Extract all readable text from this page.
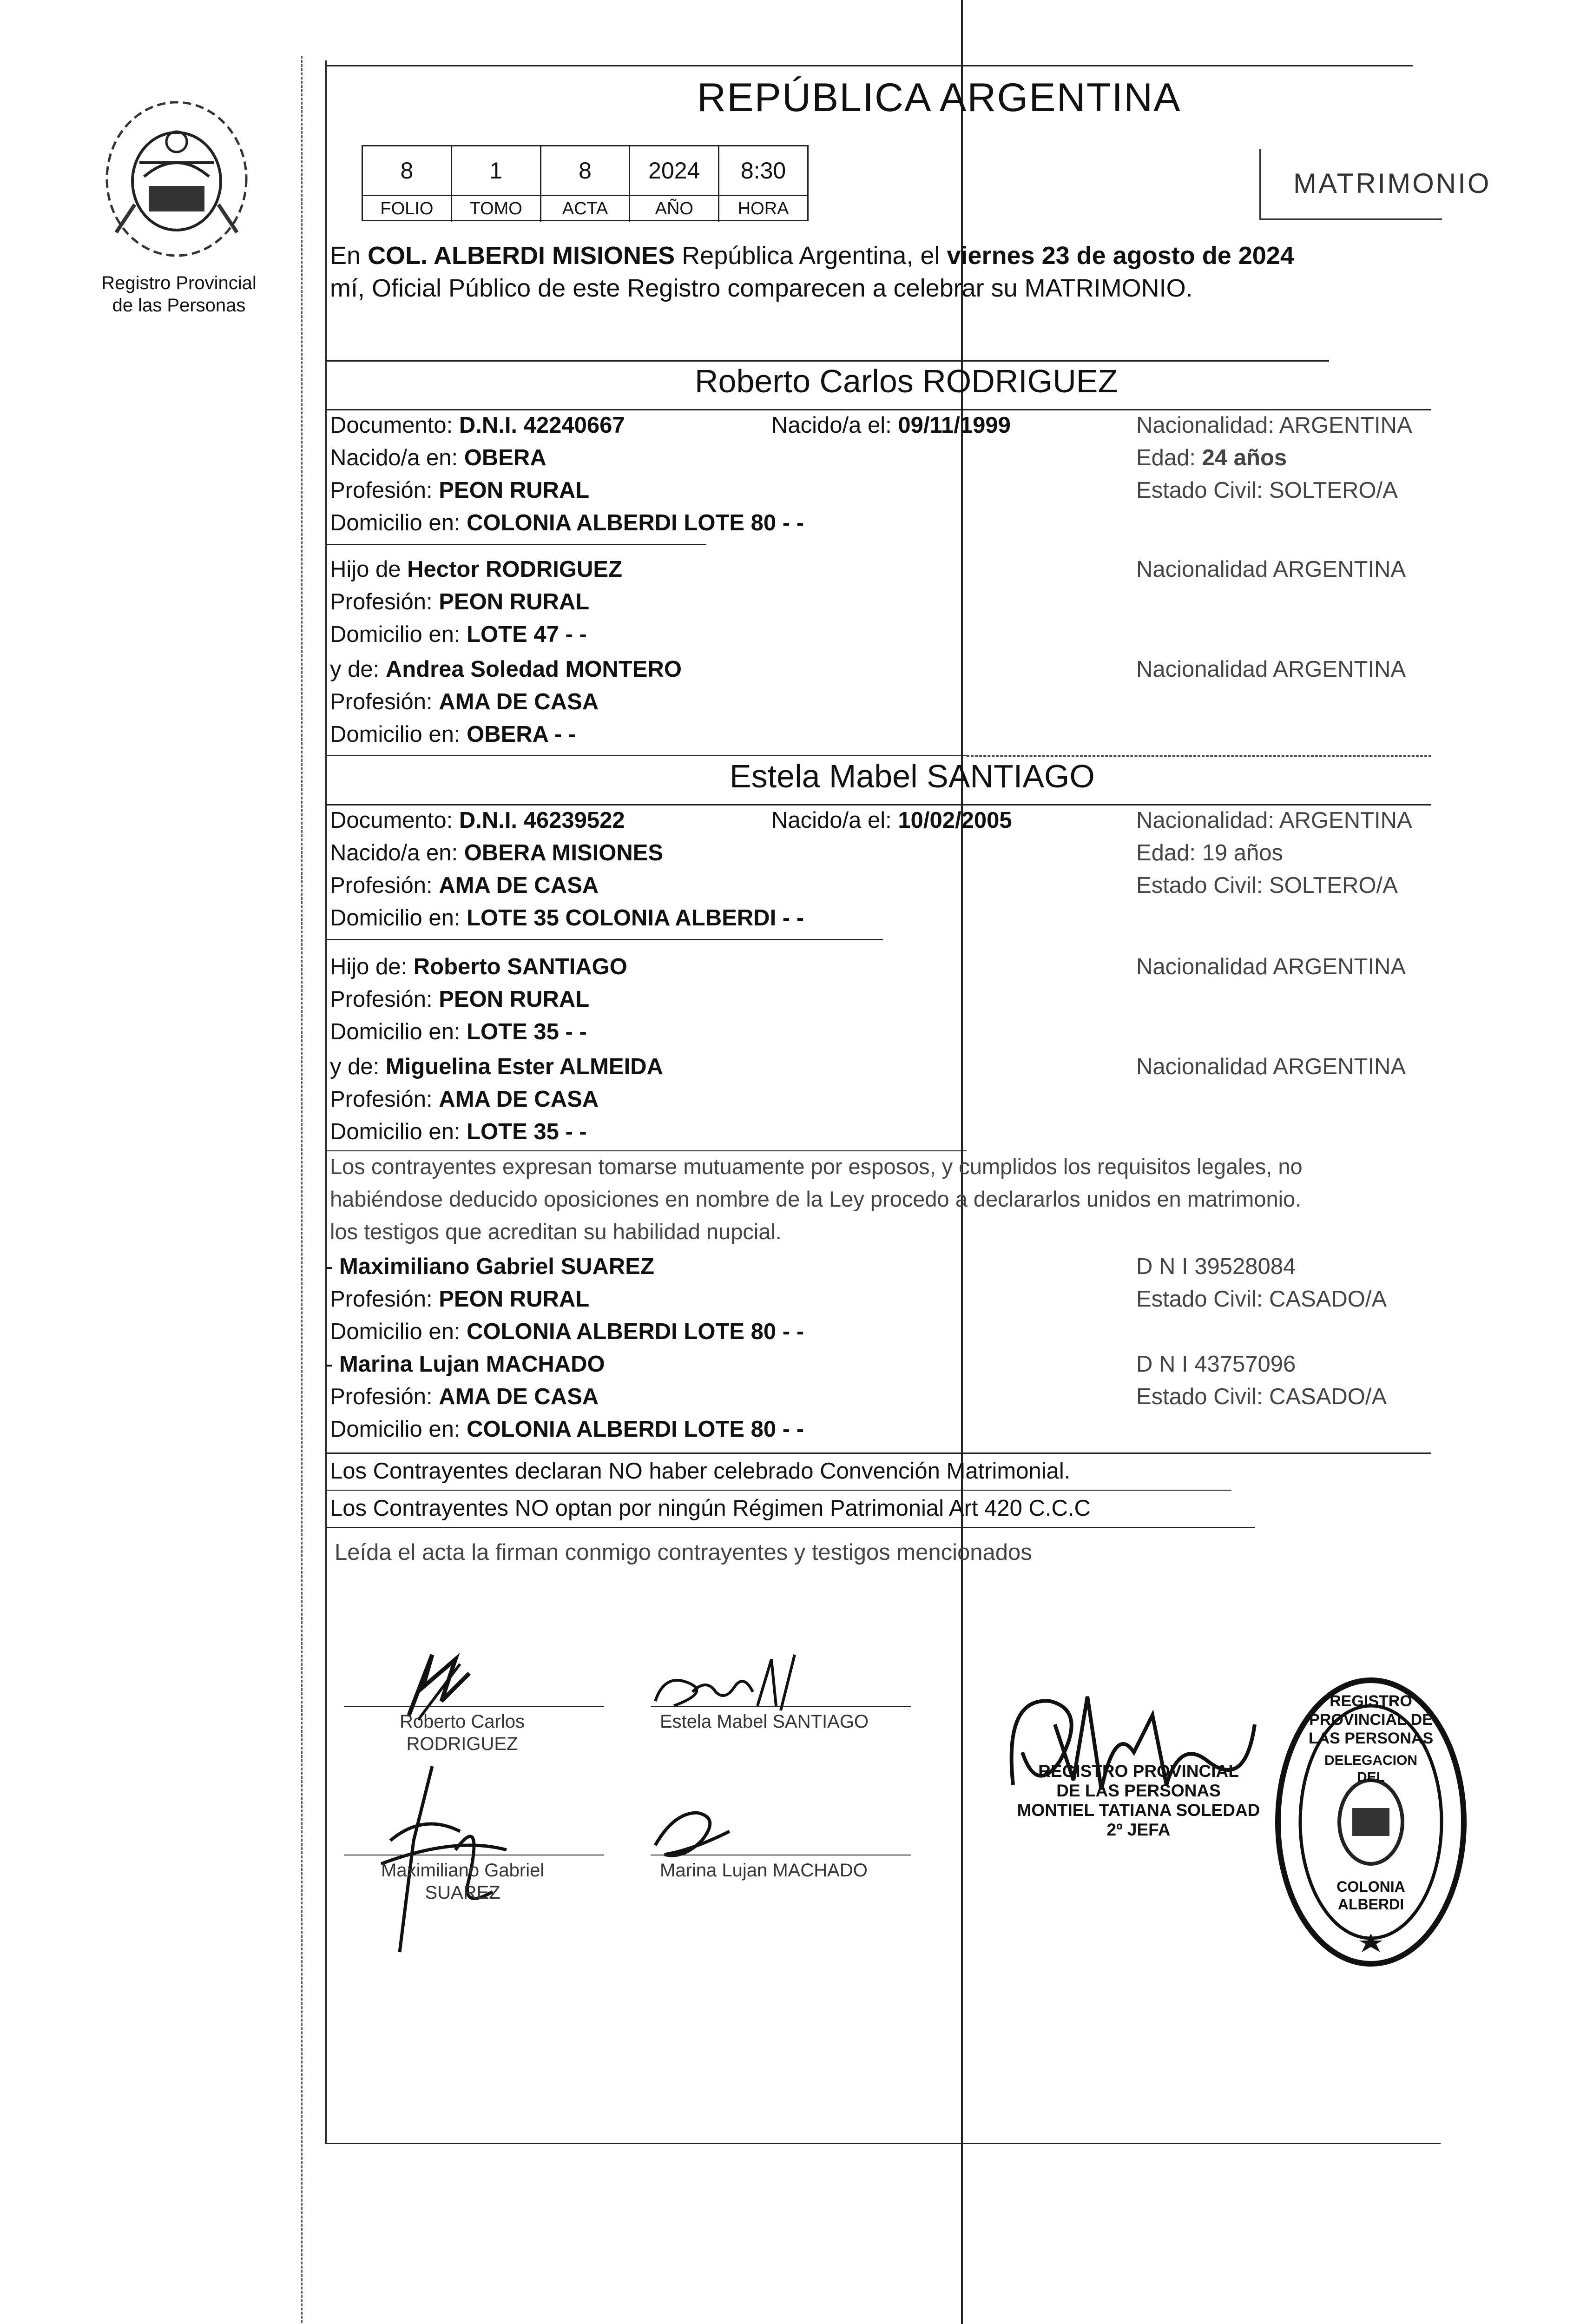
Registro Provincial
de las Personas
REPÚBLICA ARGENTINA
8	1	8	2024	8:30
FOLIO	TOMO	ACTA	AÑO	HORA
MATRIMONIO
En COL. ALBERDI MISIONES República Argentina, el viernes 23 de agosto de 2024
mí, Oficial Público de este Registro comparecen a celebrar su MATRIMONIO.
Roberto Carlos RODRIGUEZ
Documento: D.N.I. 42240667	Nacido/a el: 09/11/1999	Nacionalidad: ARGENTINA
Nacido/a en: OBERA	Edad: 24 años
Profesión: PEON RURAL	Estado Civil: SOLTERO/A
Domicilio en: COLONIA ALBERDI LOTE 80 - -
Hijo de Hector RODRIGUEZ	Nacionalidad ARGENTINA
Profesión: PEON RURAL
Domicilio en: LOTE 47 - -
y de: Andrea Soledad MONTERO	Nacionalidad ARGENTINA
Profesión: AMA DE CASA
Domicilio en: OBERA - -
Estela Mabel SANTIAGO
Documento: D.N.I. 46239522	Nacido/a el: 10/02/2005	Nacionalidad: ARGENTINA
Nacido/a en: OBERA MISIONES	Edad: 19 años
Profesión: AMA DE CASA	Estado Civil: SOLTERO/A
Domicilio en: LOTE 35 COLONIA ALBERDI - -
Hijo de: Roberto SANTIAGO	Nacionalidad ARGENTINA
Profesión: PEON RURAL
Domicilio en: LOTE 35 - -
y de: Miguelina Ester ALMEIDA	Nacionalidad ARGENTINA
Profesión: AMA DE CASA
Domicilio en: LOTE 35 - -
Los contrayentes expresan tomarse mutuamente por esposos, y cumplidos los requisitos legales, no
habiéndose deducido oposiciones en nombre de la Ley procedo a declararlos unidos en matrimonio.
los testigos que acreditan su habilidad nupcial.
- Maximiliano Gabriel SUAREZ	D N I 39528084
Profesión: PEON RURAL	Estado Civil: CASADO/A
Domicilio en: COLONIA ALBERDI LOTE 80 - -
- Marina Lujan MACHADO	D N I 43757096
Profesión: AMA DE CASA	Estado Civil: CASADO/A
Domicilio en: COLONIA ALBERDI LOTE 80 - -
Los Contrayentes declaran NO haber celebrado Convención Matrimonial.
Los Contrayentes NO optan por ningún Régimen Patrimonial Art 420 C.C.C
Leída el acta la firman conmigo contrayentes y testigos mencionados
Roberto Carlos
RODRIGUEZ
Estela Mabel SANTIAGO
Maximiliano Gabriel
SUAREZ
Marina Lujan MACHADO
REGISTRO PROVINCIAL
DE LAS PERSONAS
MONTIEL TATIANA SOLEDAD
2º JEFA
REGISTRO PROVINCIAL DE LAS PERSONAS
DELEGACION DEL
COLONIA ALBERDI
